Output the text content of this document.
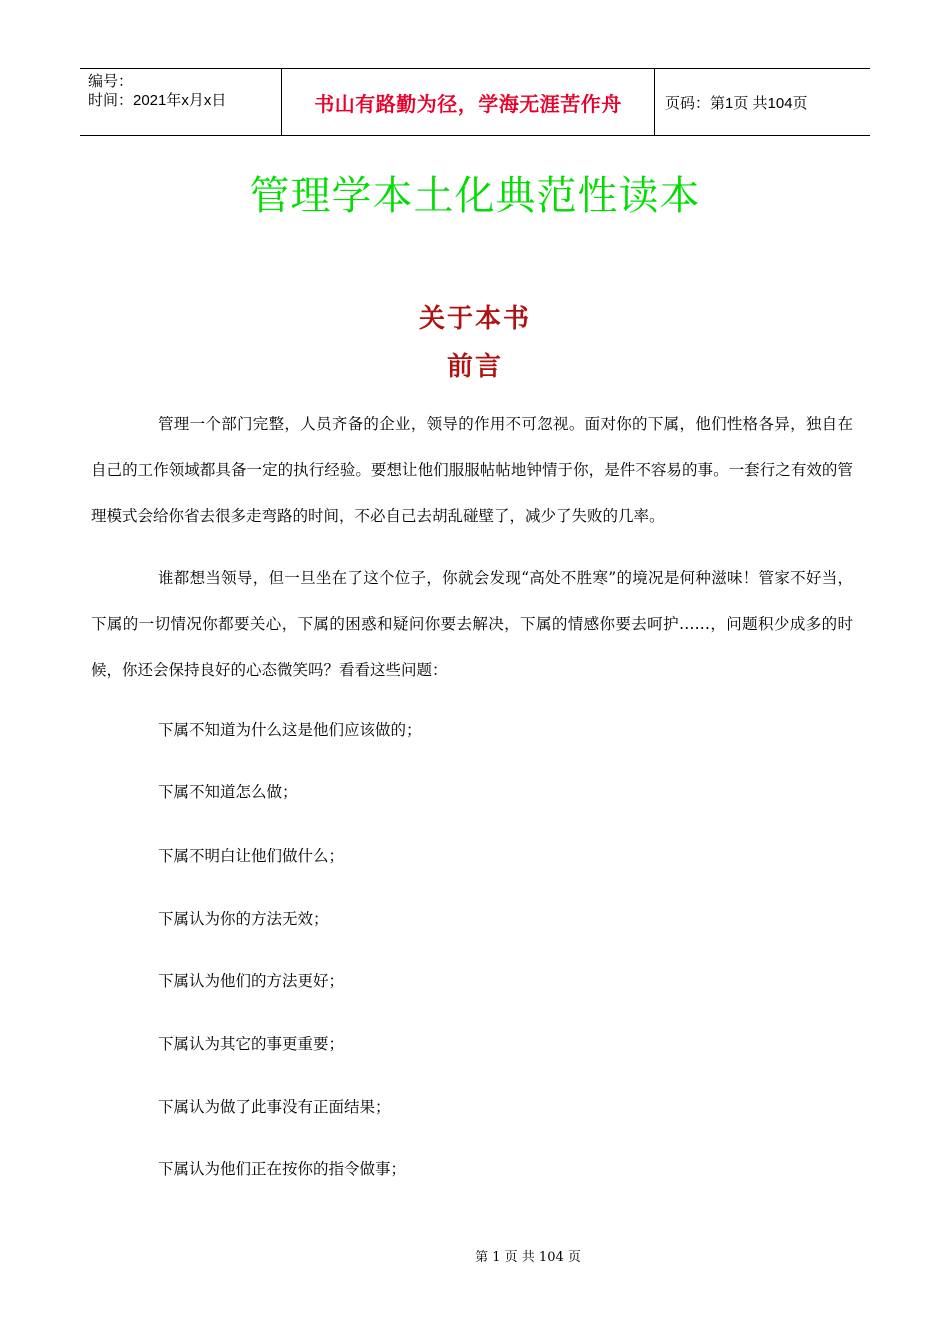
编号：
时间：2021年x月x日	书山有路勤为径，学海无涯苦作舟	页码：第1页 共104页
管理学本土化典范性读本
关于本书
前言
管理一个部门完整，人员齐备的企业，领导的作用不可忽视。面对你的下属，他们性格各异，独自在自己的工作领域都具备一定的执行经验。要想让他们服服帖帖地钟情于你，是件不容易的事。一套行之有效的管理模式会给你省去很多走弯路的时间，不必自己去胡乱碰壁了，减少了失败的几率。
谁都想当领导，但一旦坐在了这个位子，你就会发现“高处不胜寒”的境况是何种滋味！管家不好当，下属的一切情况你都要关心，下属的困惑和疑问你要去解决，下属的情感你要去呵护……，问题积少成多的时候，你还会保持良好的心态微笑吗？看看这些问题：
下属不知道为什么这是他们应该做的；
下属不知道怎么做；
下属不明白让他们做什么；
下属认为你的方法无效；
下属认为他们的方法更好；
下属认为其它的事更重要；
下属认为做了此事没有正面结果；
下属认为他们正在按你的指令做事；
第 1 页 共 104 页
